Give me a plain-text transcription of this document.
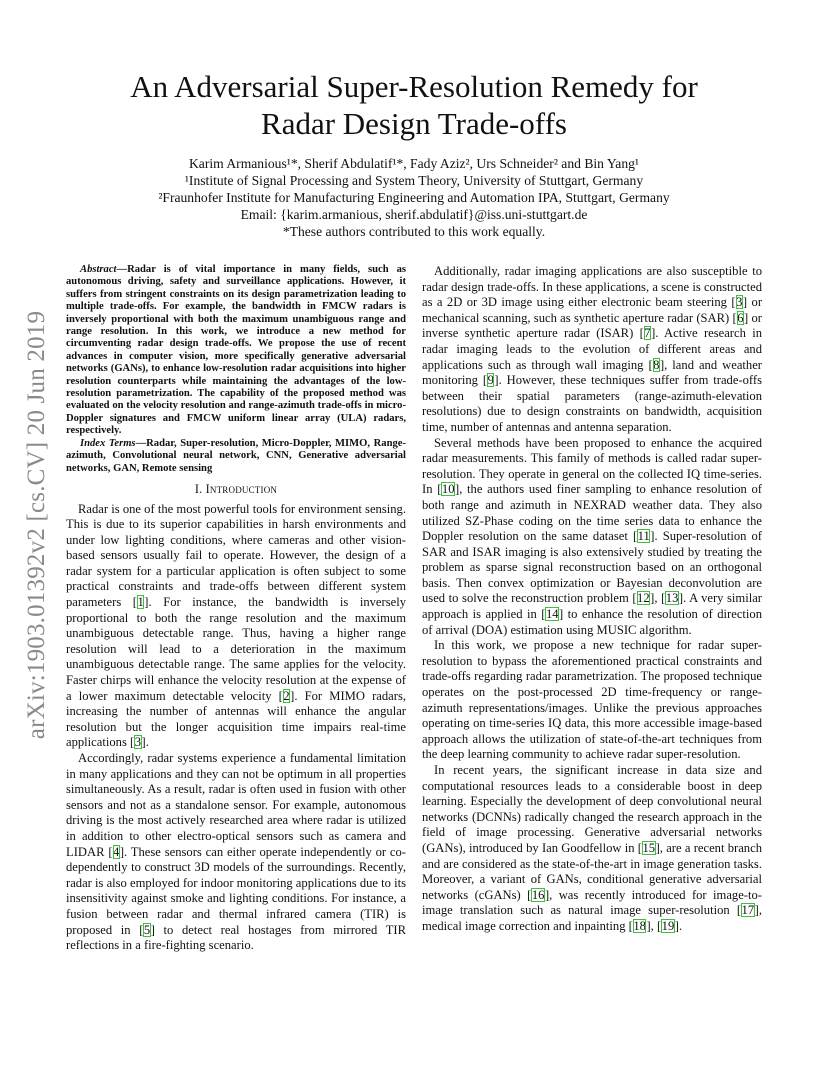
arXiv:1903.01392v2 [cs.CV] 20 Jun 2019
An Adversarial Super-Resolution Remedy for
Radar Design Trade-offs
Karim Armanious¹*, Sherif Abdulatif¹*, Fady Aziz², Urs Schneider² and Bin Yang¹
¹Institute of Signal Processing and System Theory, University of Stuttgart, Germany
²Fraunhofer Institute for Manufacturing Engineering and Automation IPA, Stuttgart, Germany
Email: {karim.armanious, sherif.abdulatif}@iss.uni-stuttgart.de
*These authors contributed to this work equally.

Abstract—Radar is of vital importance in many fields, such as autonomous driving, safety and surveillance applications. However, it suffers from stringent constraints on its design parametrization leading to multiple trade-offs. For example, the bandwidth in FMCW radars is inversely proportional with both the maximum unambiguous range and range resolution. In this work, we introduce a new method for circumventing radar design trade-offs. We propose the use of recent advances in computer vision, more specifically generative adversarial networks (GANs), to enhance low-resolution radar acquisitions into higher resolution counterparts while maintaining the advantages of the low-resolution parametrization. The capability of the proposed method was evaluated on the velocity resolution and range-azimuth trade-offs in micro-Doppler signatures and FMCW uniform linear array (ULA) radars, respectively.

Index Terms—Radar, Super-resolution, Micro-Doppler, MIMO, Range-azimuth, Convolutional neural network, CNN, Generative adversarial networks, GAN, Remote sensing

I. Introduction

Radar is one of the most powerful tools for environment sensing. This is due to its superior capabilities in harsh environments and under low lighting conditions, where cameras and other vision-based sensors usually fail to operate. However, the design of a radar system for a particular application is often subject to some practical constraints and trade-offs between different system parameters [1]. For instance, the bandwidth is inversely proportional to both the range resolution and the maximum unambiguous detectable range. Thus, having a higher range resolution will lead to a deterioration in the maximum unambiguous detectable range. The same applies for the velocity. Faster chirps will enhance the velocity resolution at the expense of a lower maximum detectable velocity [2]. For MIMO radars, increasing the number of antennas will enhance the angular resolution but the longer acquisition time impairs real-time applications [3].

Accordingly, radar systems experience a fundamental limitation in many applications and they can not be optimum in all properties simultaneously. As a result, radar is often used in fusion with other sensors and not as a standalone sensor. For example, autonomous driving is the most actively researched area where radar is utilized in addition to other electro-optical sensors such as camera and LIDAR [4]. These sensors can either operate independently or co-dependently to construct 3D models of the surroundings. Recently, radar is also employed for indoor monitoring applications due to its insensitivity against smoke and lighting conditions. For instance, a fusion between radar and thermal infrared camera (TIR) is proposed in [5] to detect real hostages from mirrored TIR reflections in a fire-fighting scenario.

Additionally, radar imaging applications are also susceptible to radar design trade-offs. In these applications, a scene is constructed as a 2D or 3D image using either electronic beam steering [3] or mechanical scanning, such as synthetic aperture radar (SAR) [6] or inverse synthetic aperture radar (ISAR) [7]. Active research in radar imaging leads to the evolution of different areas and applications such as through wall imaging [8], land and weather monitoring [9]. However, these techniques suffer from trade-offs between their spatial parameters (range-azimuth-elevation resolutions) due to design constraints on bandwidth, acquisition time, number of antennas and antenna separation.

Several methods have been proposed to enhance the acquired radar measurements. This family of methods is called radar super-resolution. They operate in general on the collected IQ time-series. In [10], the authors used finer sampling to enhance resolution of both range and azimuth in NEXRAD weather data. They also utilized SZ-Phase coding on the time series data to enhance the Doppler resolution on the same dataset [11]. Super-resolution of SAR and ISAR imaging is also extensively studied by treating the problem as sparse signal reconstruction based on an orthogonal basis. Then convex optimization or Bayesian deconvolution are used to solve the reconstruction problem [12], [13]. A very similar approach is applied in [14] to enhance the resolution of direction of arrival (DOA) estimation using MUSIC algorithm.

In this work, we propose a new technique for radar super-resolution to bypass the aforementioned practical constraints and trade-offs regarding radar parametrization. The proposed technique operates on the post-processed 2D time-frequency or range-azimuth representations/images. Unlike the previous approaches operating on time-series IQ data, this more accessible image-based approach allows the utilization of state-of-the-art techniques from the deep learning community to achieve radar super-resolution.

In recent years, the significant increase in data size and computational resources leads to a considerable boost in deep learning. Especially the development of deep convolutional neural networks (DCNNs) radically changed the research approach in the field of image processing. Generative adversarial networks (GANs), introduced by Ian Goodfellow in [15], are a recent branch and are considered as the state-of-the-art in image generation tasks. Moreover, a variant of GANs, conditional generative adversarial networks (cGANs) [16], was recently introduced for image-to-image translation such as natural image super-resolution [17], medical image correction and inpainting [18], [19].
